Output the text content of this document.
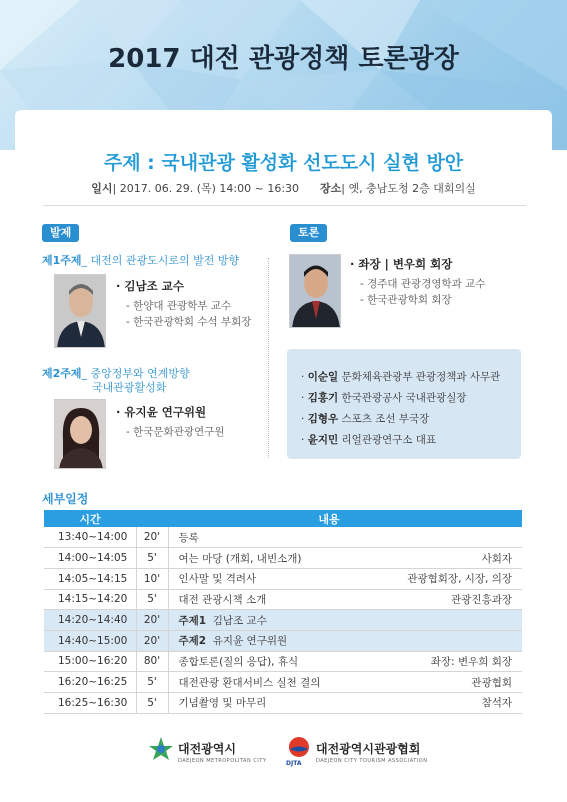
2017 대전 관광정책 토론광장
주제 : 국내관광 활성화 선도도시 실현 방안
일시| 2017. 06. 29. (목) 14:00 ~ 16:30 장소| 옛, 충남도청 2층 대회의실
발제	토론
제1주제_ 대전의 관광도시로의 발전 방향
· 김남조 교수
- 한양대 관광학부 교수
- 한국관광학회 수석 부회장
제2주제_ 중앙정부와 연계방향
국내관광활성화
· 유지윤 연구위원
- 한국문화관광연구원
· 좌장 | 변우희 회장
- 경주대 관광경영학과 교수
- 한국관광학회 회장
· 이순일 문화체육관광부 관광정책과 사무관
· 김홍기 한국관광공사 국내관광실장
· 김형우 스포츠 조선 부국장
· 윤지민 리얼관광연구소 대표
세부일정
시간	내용	
13:40~14:00	20'	등록

14:00~14:05	5'	여는 마당 (개회, 내빈소개) 사회자

14:05~14:15	10'	인사말 및 격려사 관광협회장, 시장, 의장

14:15~14:20	5'	대전 관광시책 소개 관광진흥과장

14:20~14:40	20'	주제1 김남조 교수

14:40~15:00	20'	주제2 유지윤 연구위원

15:00~16:20	80'	종합토론(질의 응답), 휴식 좌장: 변우희 회장

16:20~16:25	5'	대전관광 환대서비스 실천 결의 관광협회

16:25~16:30	5'	기념촬영 및 마무리 참석자
대전광역시
DAEJEON METROPOLITAN CITY	DJTA
대전광역시관광협회
DAEJEON CITY TOURISM ASSOCIATION
